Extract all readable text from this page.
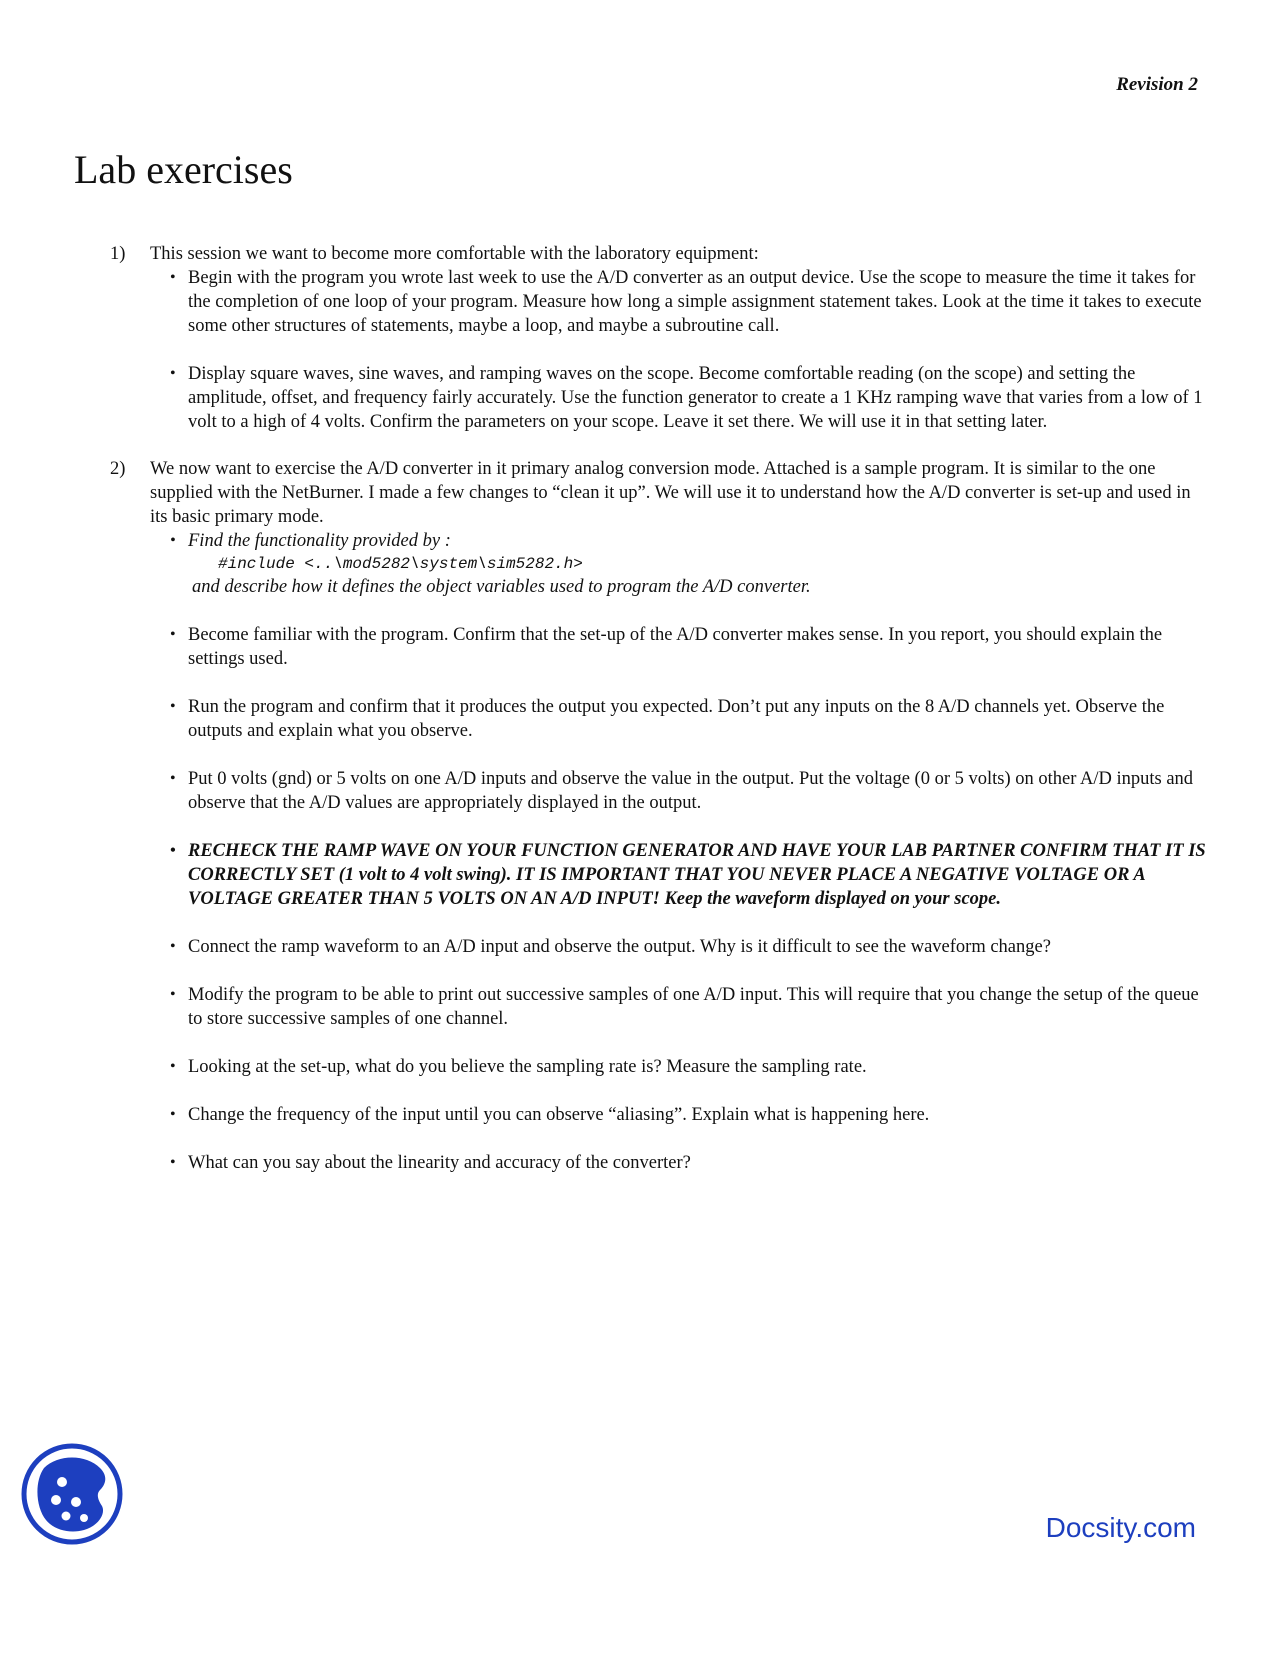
Revision 2
Lab exercises
1) This session we want to become more comfortable with the laboratory equipment:
• Begin with the program you wrote last week to use the A/D converter as an output device. Use the scope to measure the time it takes for the completion of one loop of your program. Measure how long a simple assignment statement takes. Look at the time it takes to execute some other structures of statements, maybe a loop, and maybe a subroutine call.
• Display square waves, sine waves, and ramping waves on the scope. Become comfortable reading (on the scope) and setting the amplitude, offset, and frequency fairly accurately. Use the function generator to create a 1 KHz ramping wave that varies from a low of 1 volt to a high of 4 volts. Confirm the parameters on your scope. Leave it set there. We will use it in that setting later.
2) We now want to exercise the A/D converter in it primary analog conversion mode. Attached is a sample program. It is similar to the one supplied with the NetBurner. I made a few changes to “clean it up”. We will use it to understand how the A/D converter is set-up and used in its basic primary mode.
• Find the functionality provided by :
#include <..\mod5282\system\sim5282.h>
and describe how it defines the object variables used to program the A/D converter.
• Become familiar with the program. Confirm that the set-up of the A/D converter makes sense. In you report, you should explain the settings used.
• Run the program and confirm that it produces the output you expected. Don’t put any inputs on the 8 A/D channels yet. Observe the outputs and explain what you observe.
• Put 0 volts (gnd) or 5 volts on one A/D inputs and observe the value in the output. Put the voltage (0 or 5 volts) on other A/D inputs and observe that the A/D values are appropriately displayed in the output.
• RECHECK THE RAMP WAVE ON YOUR FUNCTION GENERATOR AND HAVE YOUR LAB PARTNER CONFIRM THAT IT IS CORRECTLY SET (1 volt to 4 volt swing). IT IS IMPORTANT THAT YOU NEVER PLACE A NEGATIVE VOLTAGE OR A VOLTAGE GREATER THAN 5 VOLTS ON AN A/D INPUT! Keep the waveform displayed on your scope.
• Connect the ramp waveform to an A/D input and observe the output. Why is it difficult to see the waveform change?
• Modify the program to be able to print out successive samples of one A/D input. This will require that you change the setup of the queue to store successive samples of one channel.
• Looking at the set-up, what do you believe the sampling rate is? Measure the sampling rate.
• Change the frequency of the input until you can observe “aliasing”. Explain what is happening here.
• What can you say about the linearity and accuracy of the converter?
Docsity.com
